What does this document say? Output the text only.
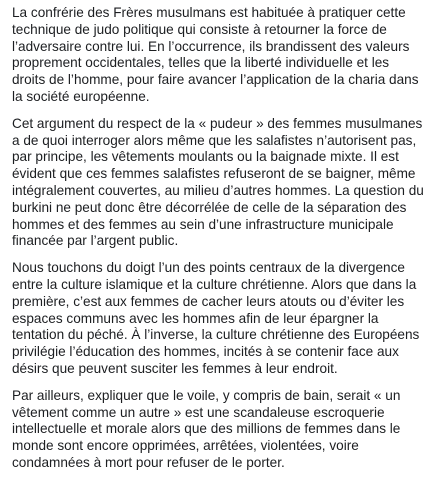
La confrérie des Frères musulmans est habituée à pratiquer cette
technique de judo politique qui consiste à retourner la force de
l’adversaire contre lui. En l’occurrence, ils brandissent des valeurs
proprement occidentales, telles que la liberté individuelle et les
droits de l’homme, pour faire avancer l’application de la charia dans
la société européenne.

Cet argument du respect de la « pudeur » des femmes musulmanes
a de quoi interroger alors même que les salafistes n’autorisent pas,
par principe, les vêtements moulants ou la baignade mixte. Il est
évident que ces femmes salafistes refuseront de se baigner, même
intégralement couvertes, au milieu d’autres hommes. La question du
burkini ne peut donc être décorrélée de celle de la séparation des
hommes et des femmes au sein d’une infrastructure municipale
financée par l’argent public.

Nous touchons du doigt l’un des points centraux de la divergence
entre la culture islamique et la culture chrétienne. Alors que dans la
première, c’est aux femmes de cacher leurs atouts ou d’éviter les
espaces communs avec les hommes afin de leur épargner la
tentation du péché. À l’inverse, la culture chrétienne des Européens
privilégie l’éducation des hommes, incités à se contenir face aux
désirs que peuvent susciter les femmes à leur endroit.

Par ailleurs, expliquer que le voile, y compris de bain, serait « un
vêtement comme un autre » est une scandaleuse escroquerie
intellectuelle et morale alors que des millions de femmes dans le
monde sont encore opprimées, arrêtées, violentées, voire
condamnées à mort pour refuser de le porter.
